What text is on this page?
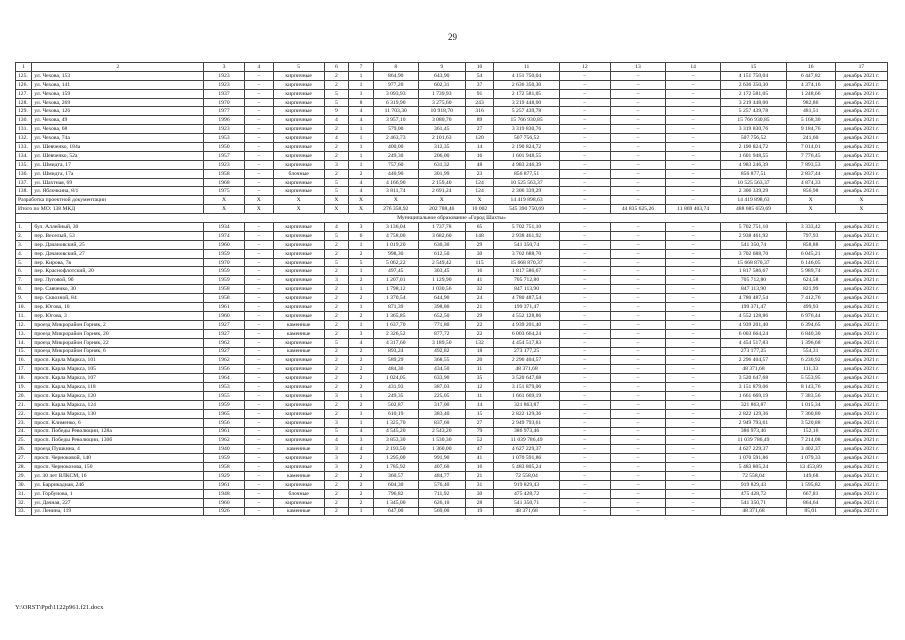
29
1	2	3	4	5	6	7	8	9	10	11	12	13	14	15	16	17
125.	ул. Чехова, 153	1923	–	кирпичные	2	1	864,90	643,90	54	4 151 750,04	–	–	–	4 151 750,04	6 447,82	декабрь 2021 г.
126.	ул. Чехова, 141	1923	–	кирпичные	2	1	977,20	602,31	37	2 636 350,30	–	–	–	2 636 350,30	4 374,16	декабрь 2021 г.
127.	ул. Чехова, 159	1937	–	кирпичные	5	1	3 093,93	1 739,93	91	2 172 581,05	–	–	–	2 172 581,05	1 248,66	декабрь 2021 г.
128.	ул. Чехова, 269	1970	–	кирпичные	5	8	6 319,90	3 275,60	243	3 219 448,00	–	–	–	3 219 448,00	982,86	декабрь 2021 г.
129.	ул. Чехова, 126	1977	–	кирпичные	9	4	11 703,30	10 918,70	316	5 257 439,78	–	–	–	5 257 439,78	481,51	декабрь 2021 г.
130.	ул. Чехова, 49	1996	–	кирпичные	4	4	3 957,10	3 080,70	89	15 766 930,85	–	–	–	15 766 930,85	5 168,30	декабрь 2021 г.
131.	ул. Чехова, 68	1923	–	кирпичные	2	1	579,00	361,45	27	3 319 830,76	–	–	–	3 319 830,76	9 184,76	декабрь 2021 г.
132.	ул. Чехова, 74а	1953	–	кирпичные	4	1	2 463,73	2 101,63	120	507 756,52	–	–	–	507 756,52	241,60	декабрь 2021 г.
133.	ул. Шевченко, 184а	1950	–	кирпичные	2	1	400,00	312,35	14	2 190 824,72	–	–	–	2 190 824,72	7 014,01	декабрь 2021 г.
134.	ул. Шевченко, 52а	1957	–	кирпичные	2	1	249,30	206,00	16	1 601 948,55	–	–	–	1 601 948,55	7 776,45	декабрь 2021 г.
135.	ул. Шмидта, 17	1923	–	кирпичные	3	1	757,60	631,32	48	4 983 246,39	–	–	–	4 983 246,39	7 893,53	декабрь 2021 г.
136.	ул. Шмидта, 17а	1958	–	блочные	2	2	440,90	301,99	23	856 877,51	–	–	–	856 877,51	2 837,44	декабрь 2021 г.
137.	ул. Шахтная, 69	1968	–	кирпичные	5	4	4 166,90	2 159,40	124	10 525 563,37	–	–	–	10 525 563,37	4 874,33	декабрь 2021 г.
138.	ул. Яблочкина, 8/1	1975	–	кирпичные	5	4	3 811,74	2 691,24	124	2 306 339,29	–	–	–	2 306 339,29	856,98	декабрь 2021 г.
Разработка проектной документации		Х	Х	Х	Х	Х	Х	Х	Х	14 419 898,63	–	–	–	14 419 898,63	Х	Х
Итого по МО: 138 МКД		Х	Х	Х	Х	Х	276 358,92	202 788,46	10 002	545 390 750,69	–	44 835 625,26	11 869 403,74	488 685 659,69	Х	Х
Муниципальное образование «Город Шахты»																
1.	бул. Аллейный, 30	1934	–	кирпичные	4	3	3 136,04	1 737,78	65	5 702 751,10	–	–	–	5 702 751,10	3 333,42	декабрь 2021 г.
2.	пер. Веселый, 53	1974	–	кирпичные	5	6	4 758,00	3 682,60	148	2 938 461,92	–	–	–	2 938 461,92	797,93	декабрь 2021 г.
3.	пер. Дачановский, 25	1960	–	кирпичные	2	1	1 019,20	630,30	29	541 350,74	–	–	–	541 350,74	858,88	декабрь 2021 г.
4.	пер. Дачановский, 27	1959	–	кирпичные	2	2	998,30	612,50	30	3 702 688,70	–	–	–	3 702 688,70	6 045,21	декабрь 2021 г.
5.	пер. Кирова, 7в	1970	–	кирпичные	5	5	5 062,22	2 549,42	115	15 668 870,37	–	–	–	15 668 870,37	6 146,05	декабрь 2021 г.
6.	пер. Краснофлотский, 20	1959	–	кирпичные	2	1	497,45	303,45	16	1 817 586,67	–	–	–	1 817 586,67	5 989,74	декабрь 2021 г.
7.	пер. Луговой, 9б	1959	–	кирпичные	3	2	1 207,01	1 129,90	41	705 712,80	–	–	–	705 712,80	624,58	декабрь 2021 г.
8.	пер. Савченко, 30	1958	–	кирпичные	2	1	1 798,12	1 030,56	32	847 113,90	–	–	–	847 113,90	821,99	декабрь 2021 г.
9.	пер. Сквозной, 84	1958	–	кирпичные	2	2	1 370,54	644,90	24	4 780 487,54	–	–	–	4 780 487,54	7 412,76	декабрь 2021 г.
10.	пер. Югова, 10	1961	–	кирпичные	2	1	871,39	398,80	21	199 371,47	–	–	–	199 371,47	499,93	декабрь 2021 г.
11.	пер. Югова, 3	1960	–	кирпичные	2	2	1 365,85	652,50	29	4 552 128,86	–	–	–	4 552 128,86	6 976,44	декабрь 2021 г.
12.	проезд Микрорайон Горняк, 2	1927	–	каменные	2	1	1 637,70	771,80	22	4 939 201,40	–	–	–	4 939 201,40	6 394,65	декабрь 2021 г.
13.	проезд Микрорайон Горняк, 20	1927	–	каменные	2	3	2 326,52	877,72	22	6 003 664,24	–	–	–	6 003 664,24	6 840,30	декабрь 2021 г.
14.	проезд Микрорайон Горняк, 22	1962	–	кирпичные	5	4	4 317,60	3 189,50	132	4 454 517,83	–	–	–	4 454 517,83	1 396,68	декабрь 2021 г.
15.	проезд Микрорайон Горняк, 6	1927	–	каменные	2	2	893,24	492,82	18	273 177,25	–	–	–	273 177,25	554,31	декабрь 2021 г.
16.	просп. Карла Маркса, 101	1962	–	кирпичные	2	2	589,29	368,55	20	2 296 404,57	–	–	–	2 296 404,57	6 230,92	декабрь 2021 г.
17.	просп. Карла Маркса, 105	1956	–	кирпичные	2	2	484,30	434,50	11	48 371,68	–	–	–	48 371,68	111,33	декабрь 2021 г.
18.	просп. Карла Маркса, 107	1964	–	кирпичные	2	2	1 024,05	633,90	35	3 520 647,68	–	–	–	3 520 647,68	5 553,95	декабрь 2021 г.
19.	просп. Карла Маркса, 118	1953	–	кирпичные	2	2	431,93	387,03	12	3 151 879,06	–	–	–	3 151 879,06	8 143,76	декабрь 2021 г.
20.	просп. Карла Маркса, 120	1955	–	кирпичные	3	1	249,35	225,05	11	1 661 669,19	–	–	–	1 661 669,19	7 383,56	декабрь 2021 г.
21.	просп. Карла Маркса, 124	1959	–	кирпичные	2	2	502,87	317,00	14	321 863,87	–	–	–	321 863,87	1 015,34	декабрь 2021 г.
22.	просп. Карла Маркса, 130	1965	–	кирпичные	2	1	610,19	383,40	15	2 822 129,36	–	–	–	2 822 129,36	7 360,80	декабрь 2021 г.
23.	просп. Клименко, 6	1956	–	кирпичные	3	1	1 325,70	837,60	27	2 949 793,61	–	–	–	2 949 793,61	3 520,88	декабрь 2021 г.
24.	просп. Победы Революции, 128а	1961	–	кирпичные	5	4	4 545,20	2 543,20	79	386 973,46	–	–	–	386 973,46	152,16	декабрь 2021 г.
25.	просп. Победы Революции, 130б	1962	–	кирпичные	4	3	3 853,30	1 530,30	52	11 039 786,49	–	–	–	11 039 786,49	7 214,08	декабрь 2021 г.
26.	проезд Пушкина, 4	1940	–	каменные	3	4	2 193,50	1 360,00	47	4 627 229,37	–	–	–	4 627 229,37	3 402,37	декабрь 2021 г.
27.	просп. Черноковой, 140	1959	–	кирпичные	3	2	1 295,00	991,90	41	1 070 591,86	–	–	–	1 070 591,86	1 079,33	декабрь 2021 г.
28.	просп. Чернокозова, 150	1958	–	кирпичные	3	2	1 785,92	407,60	16	5 483 805,24	–	–	–	5 483 805,24	13 453,89	декабрь 2021 г.
29.	ул. 30 лет ВЛКСМ, 16	1929	–	каменные	2	2	360,57	484,77	21	72 558,04	–	–	–	72 558,04	149,68	декабрь 2021 г.
30.	ул. Баррикадная, 24б	1961	–	кирпичные	2	2	604,30	576,40	31	919 829,43	–	–	–	919 829,43	1 595,82	декабрь 2021 г.
31.	ул. Горбунова, 1	1948	–	блочные	2	2	796,82	711,92	30	475 428,72	–	–	–	475 428,72	667,81	декабрь 2021 г.
32.	ул. Дачная, 227	1960	–	кирпичные	2	2	1 345,00	626,10	28	541 350,71	–	–	–	541 350,71	864,64	декабрь 2021 г.
33.	ул. Ленина, 119	1926	–	каменные	2	1	647,00	569,00	19	48 371,68	–	–	–	48 371,68	85,01	декабрь 2021 г.
Y:\ORST\Ppd\1122p961.f21.docx
